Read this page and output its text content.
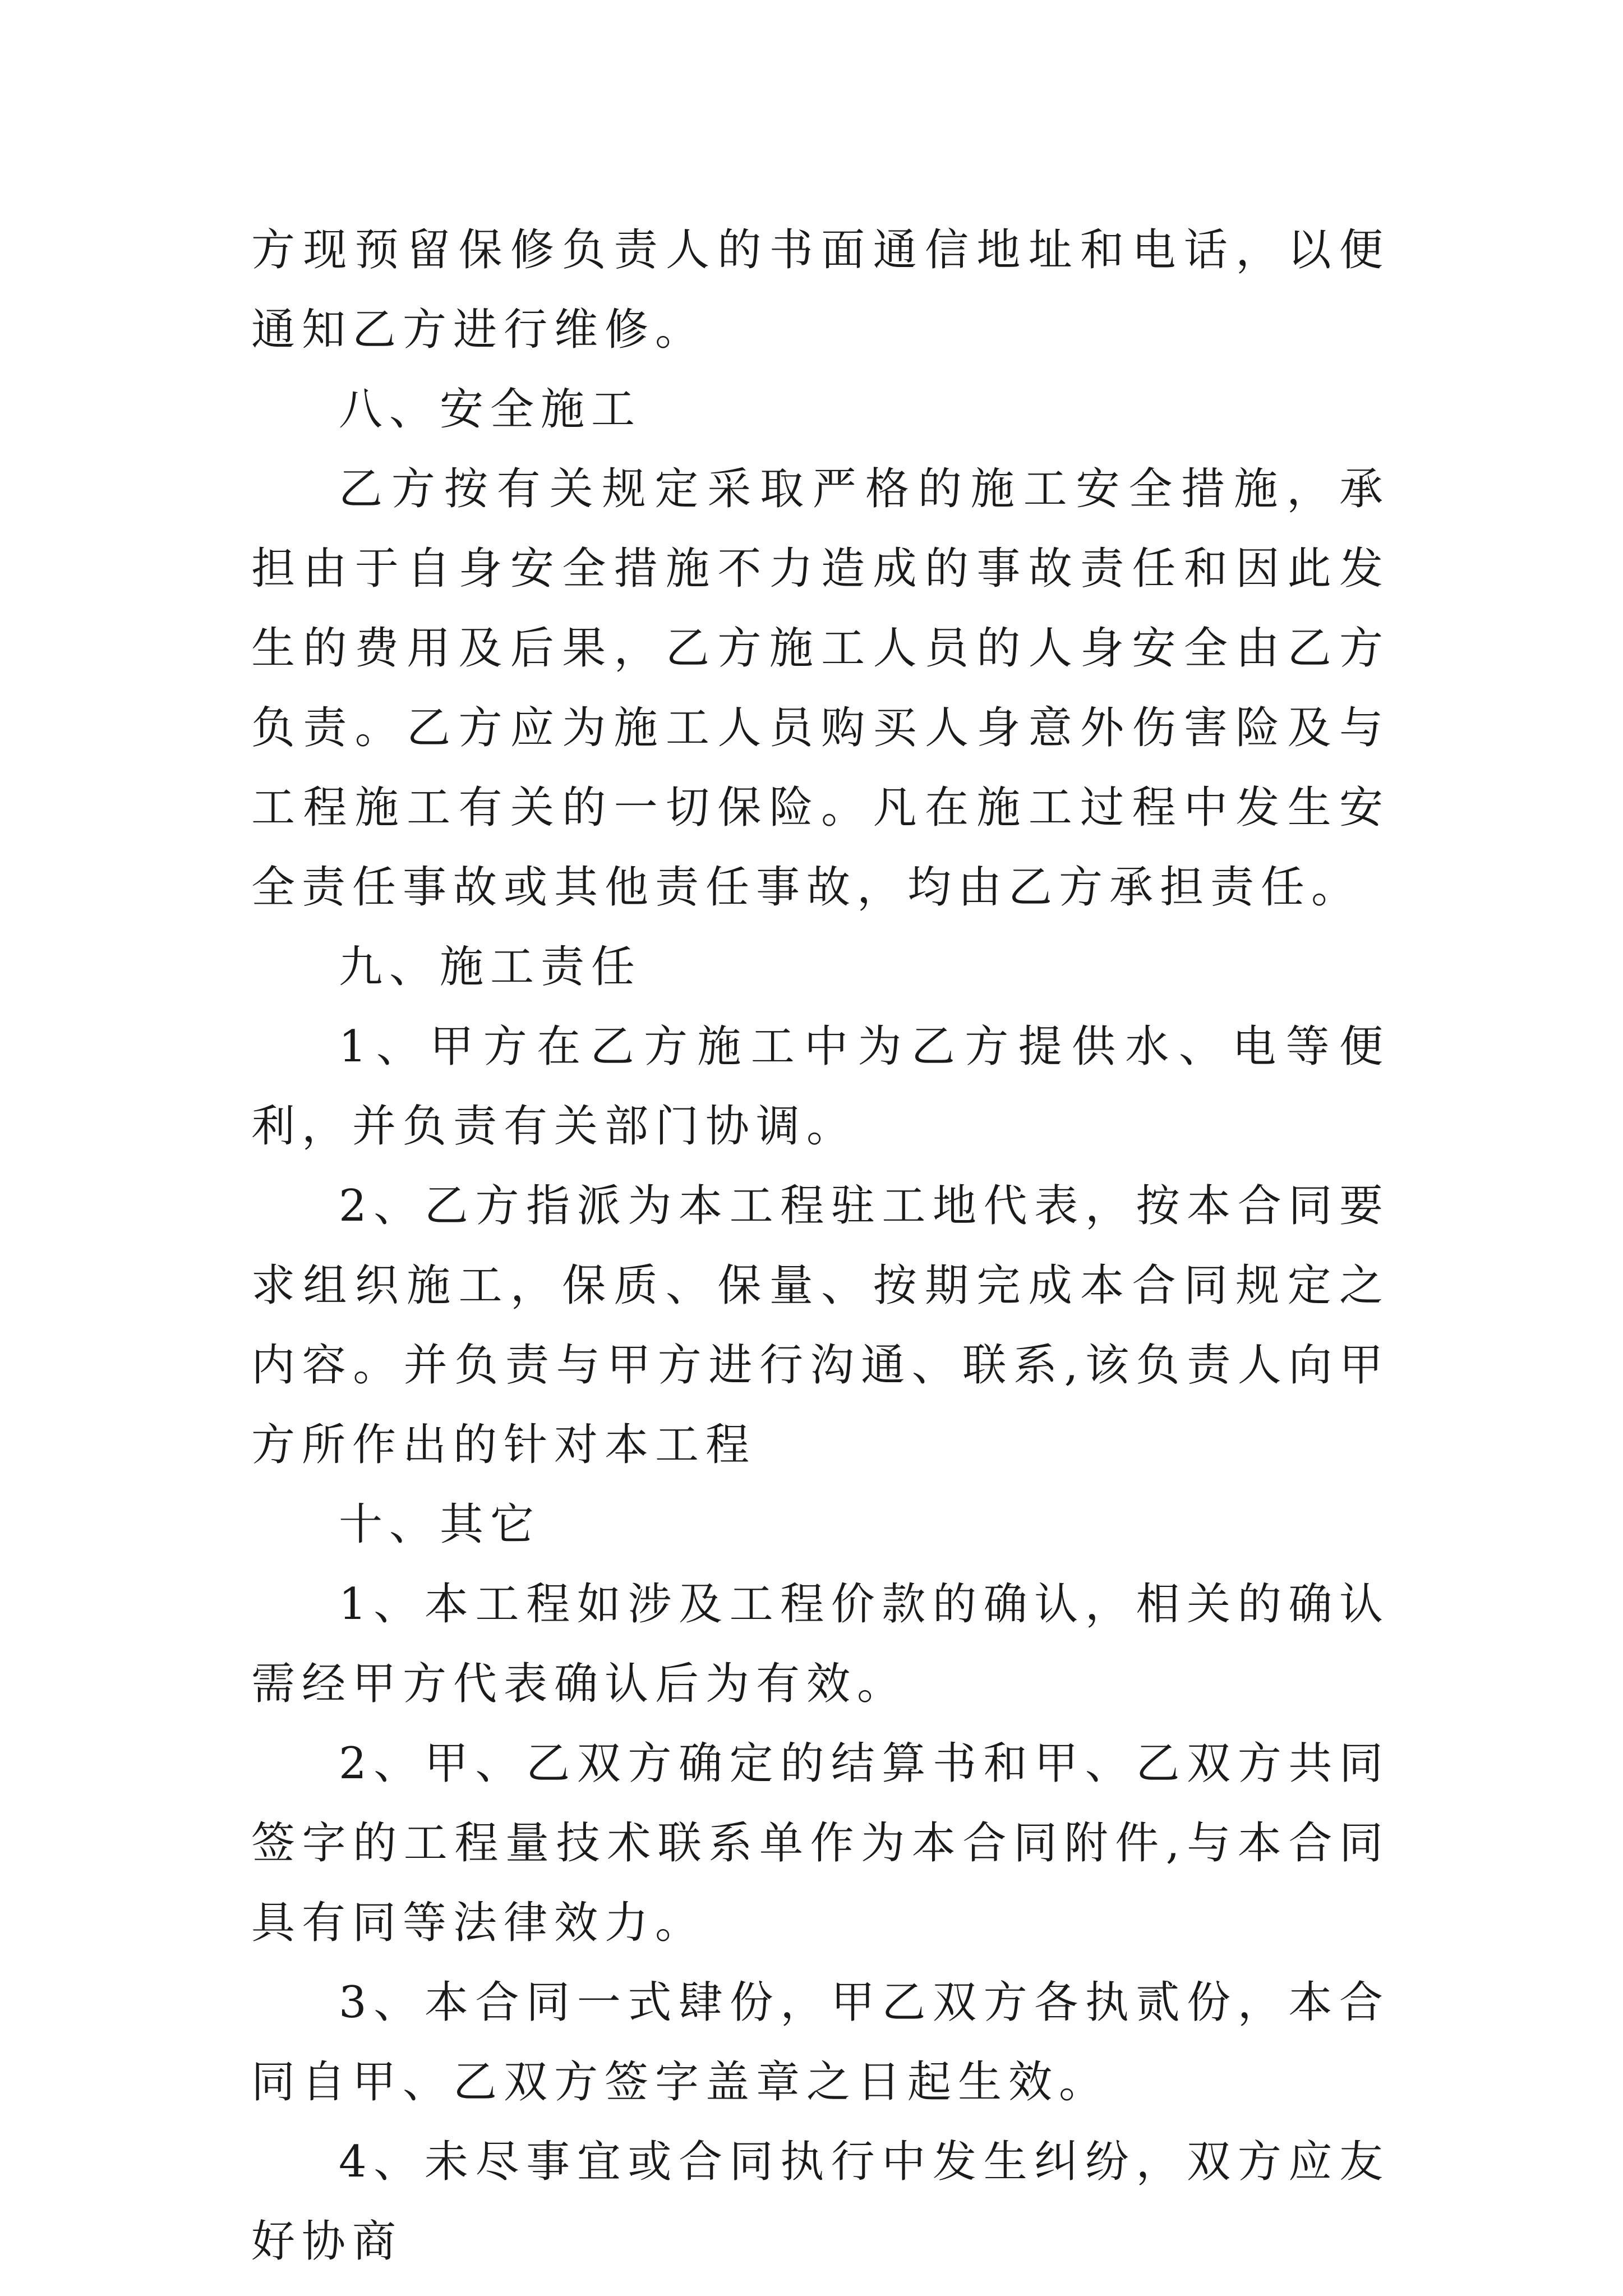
方现预留保修负责人的书面通信地址和电话，以便通知乙方进行维修。

八、安全施工

乙方按有关规定采取严格的施工安全措施，承担由于自身安全措施不力造成的事故责任和因此发生的费用及后果，乙方施工人员的人身安全由乙方负责。乙方应为施工人员购买人身意外伤害险及与工程施工有关的一切保险。凡在施工过程中发生安全责任事故或其他责任事故，均由乙方承担责任。

九、施工责任

1、甲方在乙方施工中为乙方提供水、电等便利，并负责有关部门协调。

2、乙方指派为本工程驻工地代表，按本合同要求组织施工，保质、保量、按期完成本合同规定之内容。并负责与甲方进行沟通、联系,该负责人向甲方所作出的针对本工程

十、其它

1、本工程如涉及工程价款的确认，相关的确认需经甲方代表确认后为有效。

2、甲、乙双方确定的结算书和甲、乙双方共同签字的工程量技术联系单作为本合同附件,与本合同具有同等法律效力。

3、本合同一式肆份，甲乙双方各执贰份，本合同自甲、乙双方签字盖章之日起生效。

4、未尽事宜或合同执行中发生纠纷，双方应友好协商
